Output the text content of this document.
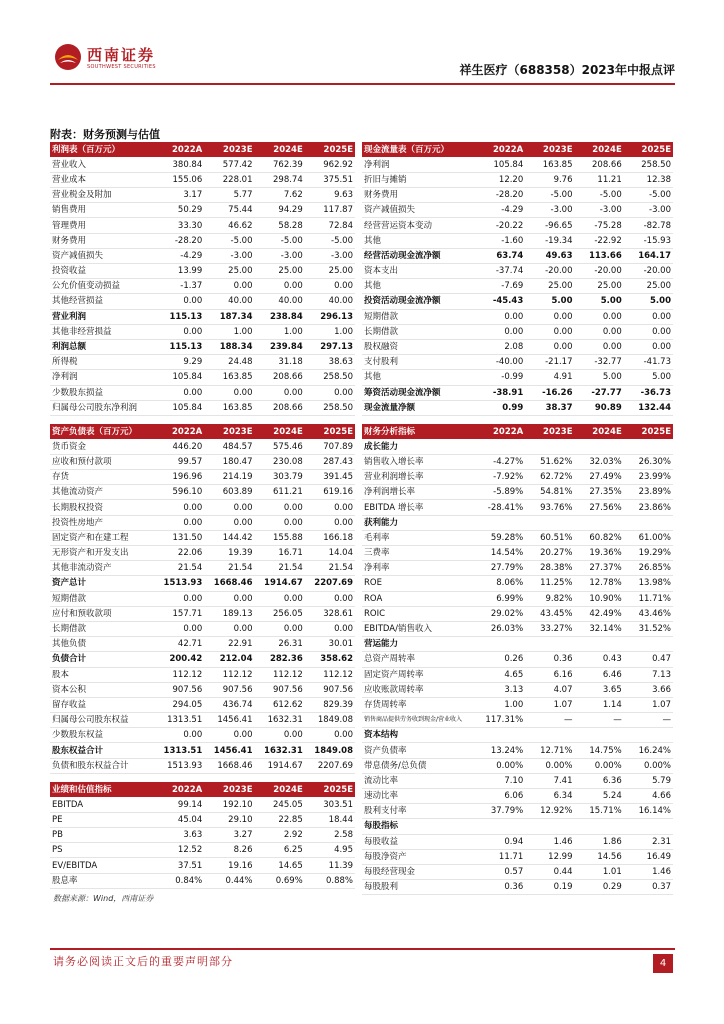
西南证券
SOUTHWEST SECURITIES	祥生医疗（688358）2023年中报点评
附表：财务预测与估值
利润表（百万元）	2022A	2023E	2024E	2025E
营业收入	380.84	577.42	762.39	962.92
营业成本	155.06	228.01	298.74	375.51
营业税金及附加	3.17	5.77	7.62	9.63
销售费用	50.29	75.44	94.29	117.87
管理费用	33.30	46.62	58.28	72.84
财务费用	-28.20	-5.00	-5.00	-5.00
资产减值损失	-4.29	-3.00	-3.00	-3.00
投资收益	13.99	25.00	25.00	25.00
公允价值变动损益	-1.37	0.00	0.00	0.00
其他经营损益	0.00	40.00	40.00	40.00
营业利润	115.13	187.34	238.84	296.13
其他非经营损益	0.00	1.00	1.00	1.00
利润总额	115.13	188.34	239.84	297.13
所得税	9.29	24.48	31.18	38.63
净利润	105.84	163.85	208.66	258.50
少数股东损益	0.00	0.00	0.00	0.00
归属母公司股东净利润	105.84	163.85	208.66	258.50
资产负债表（百万元）	2022A	2023E	2024E	2025E
货币资金	446.20	484.57	575.46	707.89
应收和预付款项	99.57	180.47	230.08	287.43
存货	196.96	214.19	303.79	391.45
其他流动资产	596.10	603.89	611.21	619.16
长期股权投资	0.00	0.00	0.00	0.00
投资性房地产	0.00	0.00	0.00	0.00
固定资产和在建工程	131.50	144.42	155.88	166.18
无形资产和开发支出	22.06	19.39	16.71	14.04
其他非流动资产	21.54	21.54	21.54	21.54
资产总计	1513.93	1668.46	1914.67	2207.69
短期借款	0.00	0.00	0.00	0.00
应付和预收款项	157.71	189.13	256.05	328.61
长期借款	0.00	0.00	0.00	0.00
其他负债	42.71	22.91	26.31	30.01
负债合计	200.42	212.04	282.36	358.62
股本	112.12	112.12	112.12	112.12
资本公积	907.56	907.56	907.56	907.56
留存收益	294.05	436.74	612.62	829.39
归属母公司股东权益	1313.51	1456.41	1632.31	1849.08
少数股东权益	0.00	0.00	0.00	0.00
股东权益合计	1313.51	1456.41	1632.31	1849.08
负债和股东权益合计	1513.93	1668.46	1914.67	2207.69
业绩和估值指标	2022A	2023E	2024E	2025E
EBITDA	99.14	192.10	245.05	303.51
PE	45.04	29.10	22.85	18.44
PB	3.63	3.27	2.92	2.58
PS	12.52	8.26	6.25	4.95
EV/EBITDA	37.51	19.16	14.65	11.39
股息率	0.84%	0.44%	0.69%	0.88%
现金流量表（百万元）	2022A	2023E	2024E	2025E
净利润	105.84	163.85	208.66	258.50
折旧与摊销	12.20	9.76	11.21	12.38
财务费用	-28.20	-5.00	-5.00	-5.00
资产减值损失	-4.29	-3.00	-3.00	-3.00
经营营运资本变动	-20.22	-96.65	-75.28	-82.78
其他	-1.60	-19.34	-22.92	-15.93
经营活动现金流净额	63.74	49.63	113.66	164.17
资本支出	-37.74	-20.00	-20.00	-20.00
其他	-7.69	25.00	25.00	25.00
投资活动现金流净额	-45.43	5.00	5.00	5.00
短期借款	0.00	0.00	0.00	0.00
长期借款	0.00	0.00	0.00	0.00
股权融资	2.08	0.00	0.00	0.00
支付股利	-40.00	-21.17	-32.77	-41.73
其他	-0.99	4.91	5.00	5.00
筹资活动现金流净额	-38.91	-16.26	-27.77	-36.73
现金流量净额	0.99	38.37	90.89	132.44
财务分析指标	2022A	2023E	2024E	2025E
成长能力				
销售收入增长率	-4.27%	51.62%	32.03%	26.30%
营业利润增长率	-7.92%	62.72%	27.49%	23.99%
净利润增长率	-5.89%	54.81%	27.35%	23.89%
EBITDA 增长率	-28.41%	93.76%	27.56%	23.86%
获利能力				
毛利率	59.28%	60.51%	60.82%	61.00%
三费率	14.54%	20.27%	19.36%	19.29%
净利率	27.79%	28.38%	27.37%	26.85%
ROE	8.06%	11.25%	12.78%	13.98%
ROA	6.99%	9.82%	10.90%	11.71%
ROIC	29.02%	43.45%	42.49%	43.46%
EBITDA/销售收入	26.03%	33.27%	32.14%	31.52%
营运能力				
总资产周转率	0.26	0.36	0.43	0.47
固定资产周转率	4.65	6.16	6.46	7.13
应收账款周转率	3.13	4.07	3.65	3.66
存货周转率	1.00	1.07	1.14	1.07
销售商品提供劳务收到现金/营业收入	117.31%	—	—	—
资本结构				
资产负债率	13.24%	12.71%	14.75%	16.24%
带息债务/总负债	0.00%	0.00%	0.00%	0.00%
流动比率	7.10	7.41	6.36	5.79
速动比率	6.06	6.34	5.24	4.66
股利支付率	37.79%	12.92%	15.71%	16.14%
每股指标				
每股收益	0.94	1.46	1.86	2.31
每股净资产	11.71	12.99	14.56	16.49
每股经营现金	0.57	0.44	1.01	1.46
每股股利	0.36	0.19	0.29	0.37
数据来源：Wind，西南证券
请务必阅读正文后的重要声明部分	4
